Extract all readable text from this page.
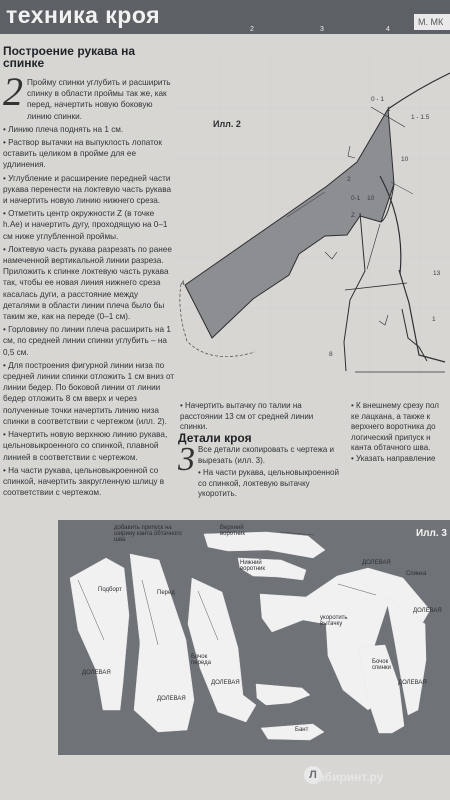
техника кроя
2	3	4
М. МК
Построение рукава на спинке
2 Пройму спинки углубить и расширить спинку в области проймы так же, как перед, начертить новую боковую линию спинки.

• Линию плеча поднять на 1 см.

• Раствор вытачки на выпуклость лопаток оставить целиком в пройме для ее удлинения.

• Углубление и расширение передней части рукава перенести на локтевую часть рукава и начертить новую линию нижнего среза.

• Отметить центр окружности Z (в точке h.Ae) и начертить дугу, проходящую на 0–1 см ниже углубленной проймы.

• Локтевую часть рукава разрезать по ранее намеченной вертикальной линии разреза. Приложить к спинке локтевую часть рукава так, чтобы ее новая линия нижнего среза касалась дуги, а расстояние между деталями в области линии плеча было бы таким же, как на переде (0–1 см).

• Горловину по линии плеча расширить на 1 см, по средней линии спинки углубить – на 0,5 см.

• Для построения фигурной линии низа по средней линии спинки отложить 1 см вниз от линии бедер. По боковой линии от линии бедер отложить 8 см вверх и через полученные точки начертить линию низа спинки в соответствии с чертежом (илл. 2).

• Начертить новую верхнюю линию рукава, цельновыкроенного со спинкой, плавной линией в соответствии с чертежом.

• На части рукава, цельновыкроенной со спинкой, начертить закругленную шлицу в соответствии с чертежом.

Илл. 2
0 - 1
1
1 - 1.5
10
2
0-1 10
Z
4
13
1
8
• Начертить вытачку по талии на расстоянии 13 см от средней линии спинки.
Детали кроя
3 Все детали скопировать с чертежа и вырезать (илл. 3).

• На части рукава, цельновыкроенной со спинкой, локтевую вытачку укоротить.

• К внешнему срезу пол
ке лацкана, а также к
верхнего воротника до
логический припуск н
канта обтачного шва.
• Указать направление
Илл. 3
добавить припуск на ширину канта обтачного шва
Верхний воротник
Нижний воротник
Спинка
Подборт	Перед
укоротить вытачку
Бочок переда	Бочок спинки
Бант
ДОЛЕВАЯ
ДОЛЕВАЯ
ДОЛЕВАЯ	ДОЛЕВАЯ
ДОЛЕВАЯ
ДОЛЕВАЯ
Л абиринт.ру
